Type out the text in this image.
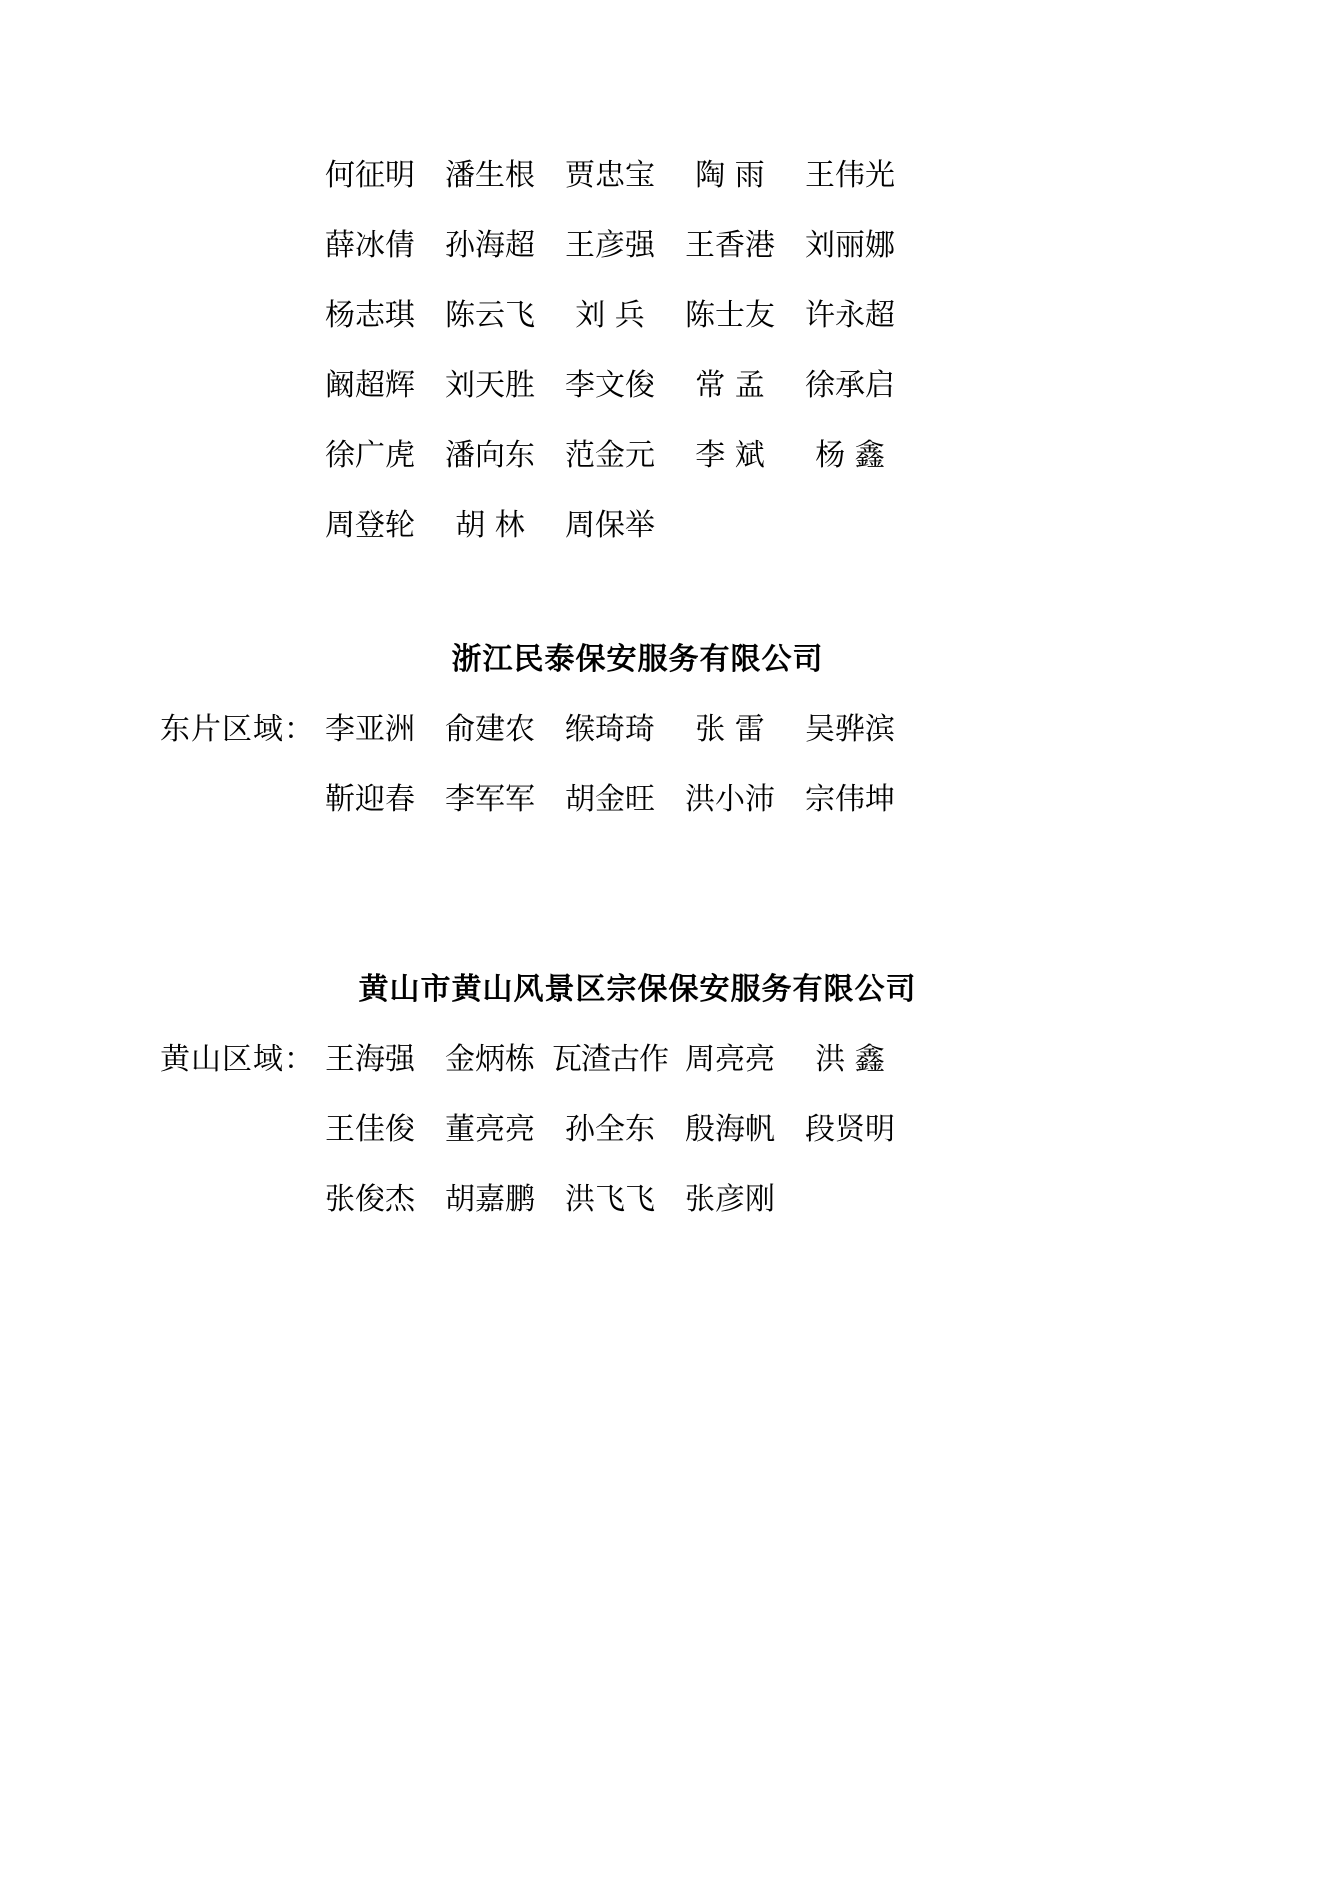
何征明	潘生根	贾忠宝	陶 雨	王伟光
薛冰倩	孙海超	王彦强	王香港	刘丽娜
杨志琪	陈云飞	刘 兵	陈士友	许永超
阚超辉	刘天胜	李文俊	常 孟	徐承启
徐广虎	潘向东	范金元	李 斌	杨 鑫
周登轮	胡 林	周保举
浙江民泰保安服务有限公司
东片区域： 李亚洲	俞建农	缑琦琦	张 雷	吴骅滨
靳迎春	李军军	胡金旺	洪小沛	宗伟坤
黄山市黄山风景区宗保保安服务有限公司
黄山区域： 王海强	金炳栋 瓦渣古作 周亮亮	洪 鑫
王佳俊	董亮亮	孙全东	殷海帆	段贤明
张俊杰	胡嘉鹏	洪飞飞	张彦刚
